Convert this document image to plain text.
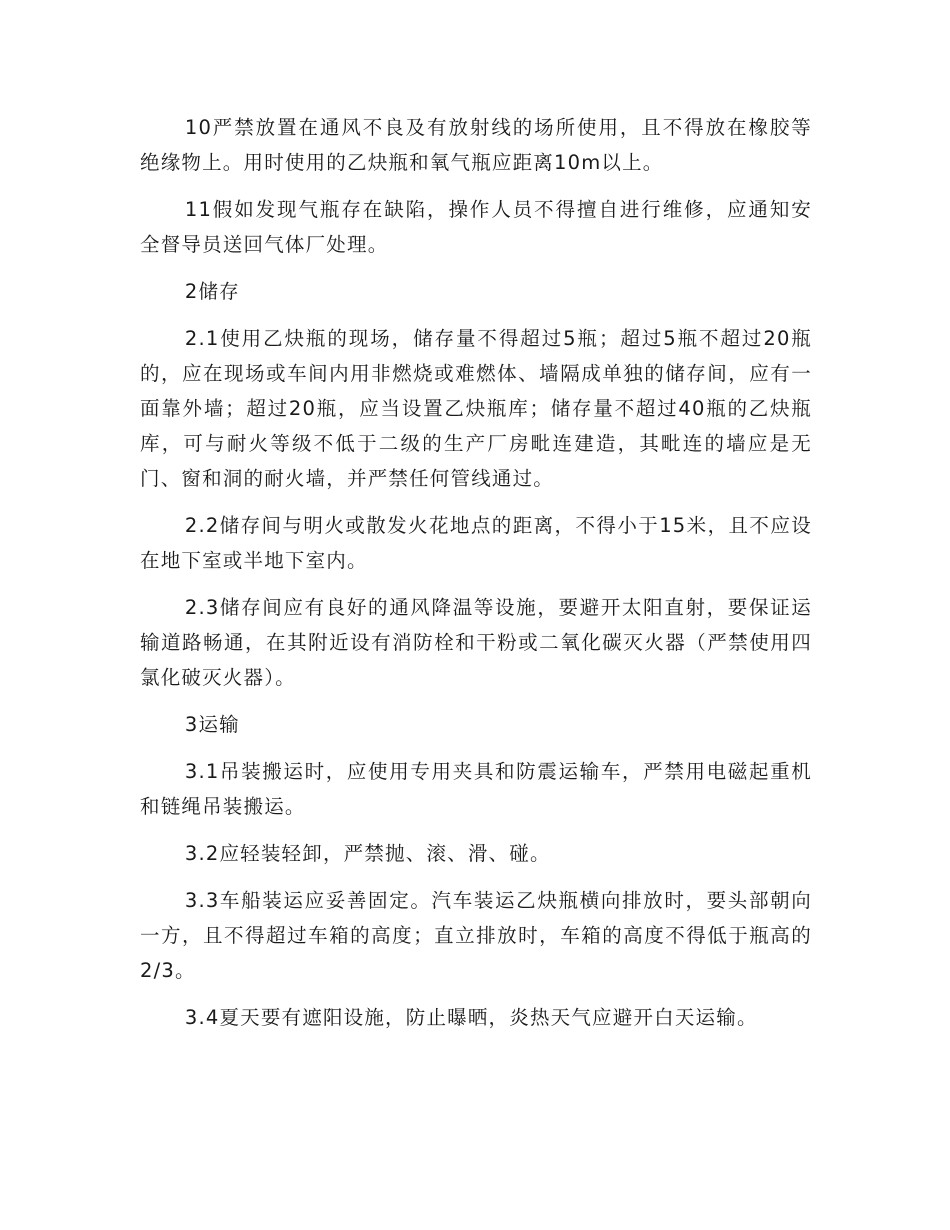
10严禁放置在通风不良及有放射线的场所使用，且不得放在橡胶等绝缘物上。用时使用的乙炔瓶和氧气瓶应距离10m以上。

11假如发现气瓶存在缺陷，操作人员不得擅自进行维修，应通知安全督导员送回气体厂处理。

2储存

2.1使用乙炔瓶的现场，储存量不得超过5瓶；超过5瓶不超过20瓶的，应在现场或车间内用非燃烧或难燃体、墙隔成单独的储存间，应有一面靠外墙；超过20瓶，应当设置乙炔瓶库；储存量不超过40瓶的乙炔瓶库，可与耐火等级不低于二级的生产厂房毗连建造，其毗连的墙应是无门、窗和洞的耐火墙，并严禁任何管线通过。

2.2储存间与明火或散发火花地点的距离，不得小于15米，且不应设在地下室或半地下室内。

2.3储存间应有良好的通风降温等设施，要避开太阳直射，要保证运输道路畅通，在其附近设有消防栓和干粉或二氧化碳灭火器（严禁使用四氯化破灭火器）。

3运输

3.1吊装搬运时，应使用专用夹具和防震运输车，严禁用电磁起重机和链绳吊装搬运。

3.2应轻装轻卸，严禁抛、滚、滑、碰。

3.3车船装运应妥善固定。汽车装运乙炔瓶横向排放时，要头部朝向一方，且不得超过车箱的高度；直立排放时，车箱的高度不得低于瓶高的2/3。

3.4夏天要有遮阳设施，防止曝晒，炎热天气应避开白天运输。
